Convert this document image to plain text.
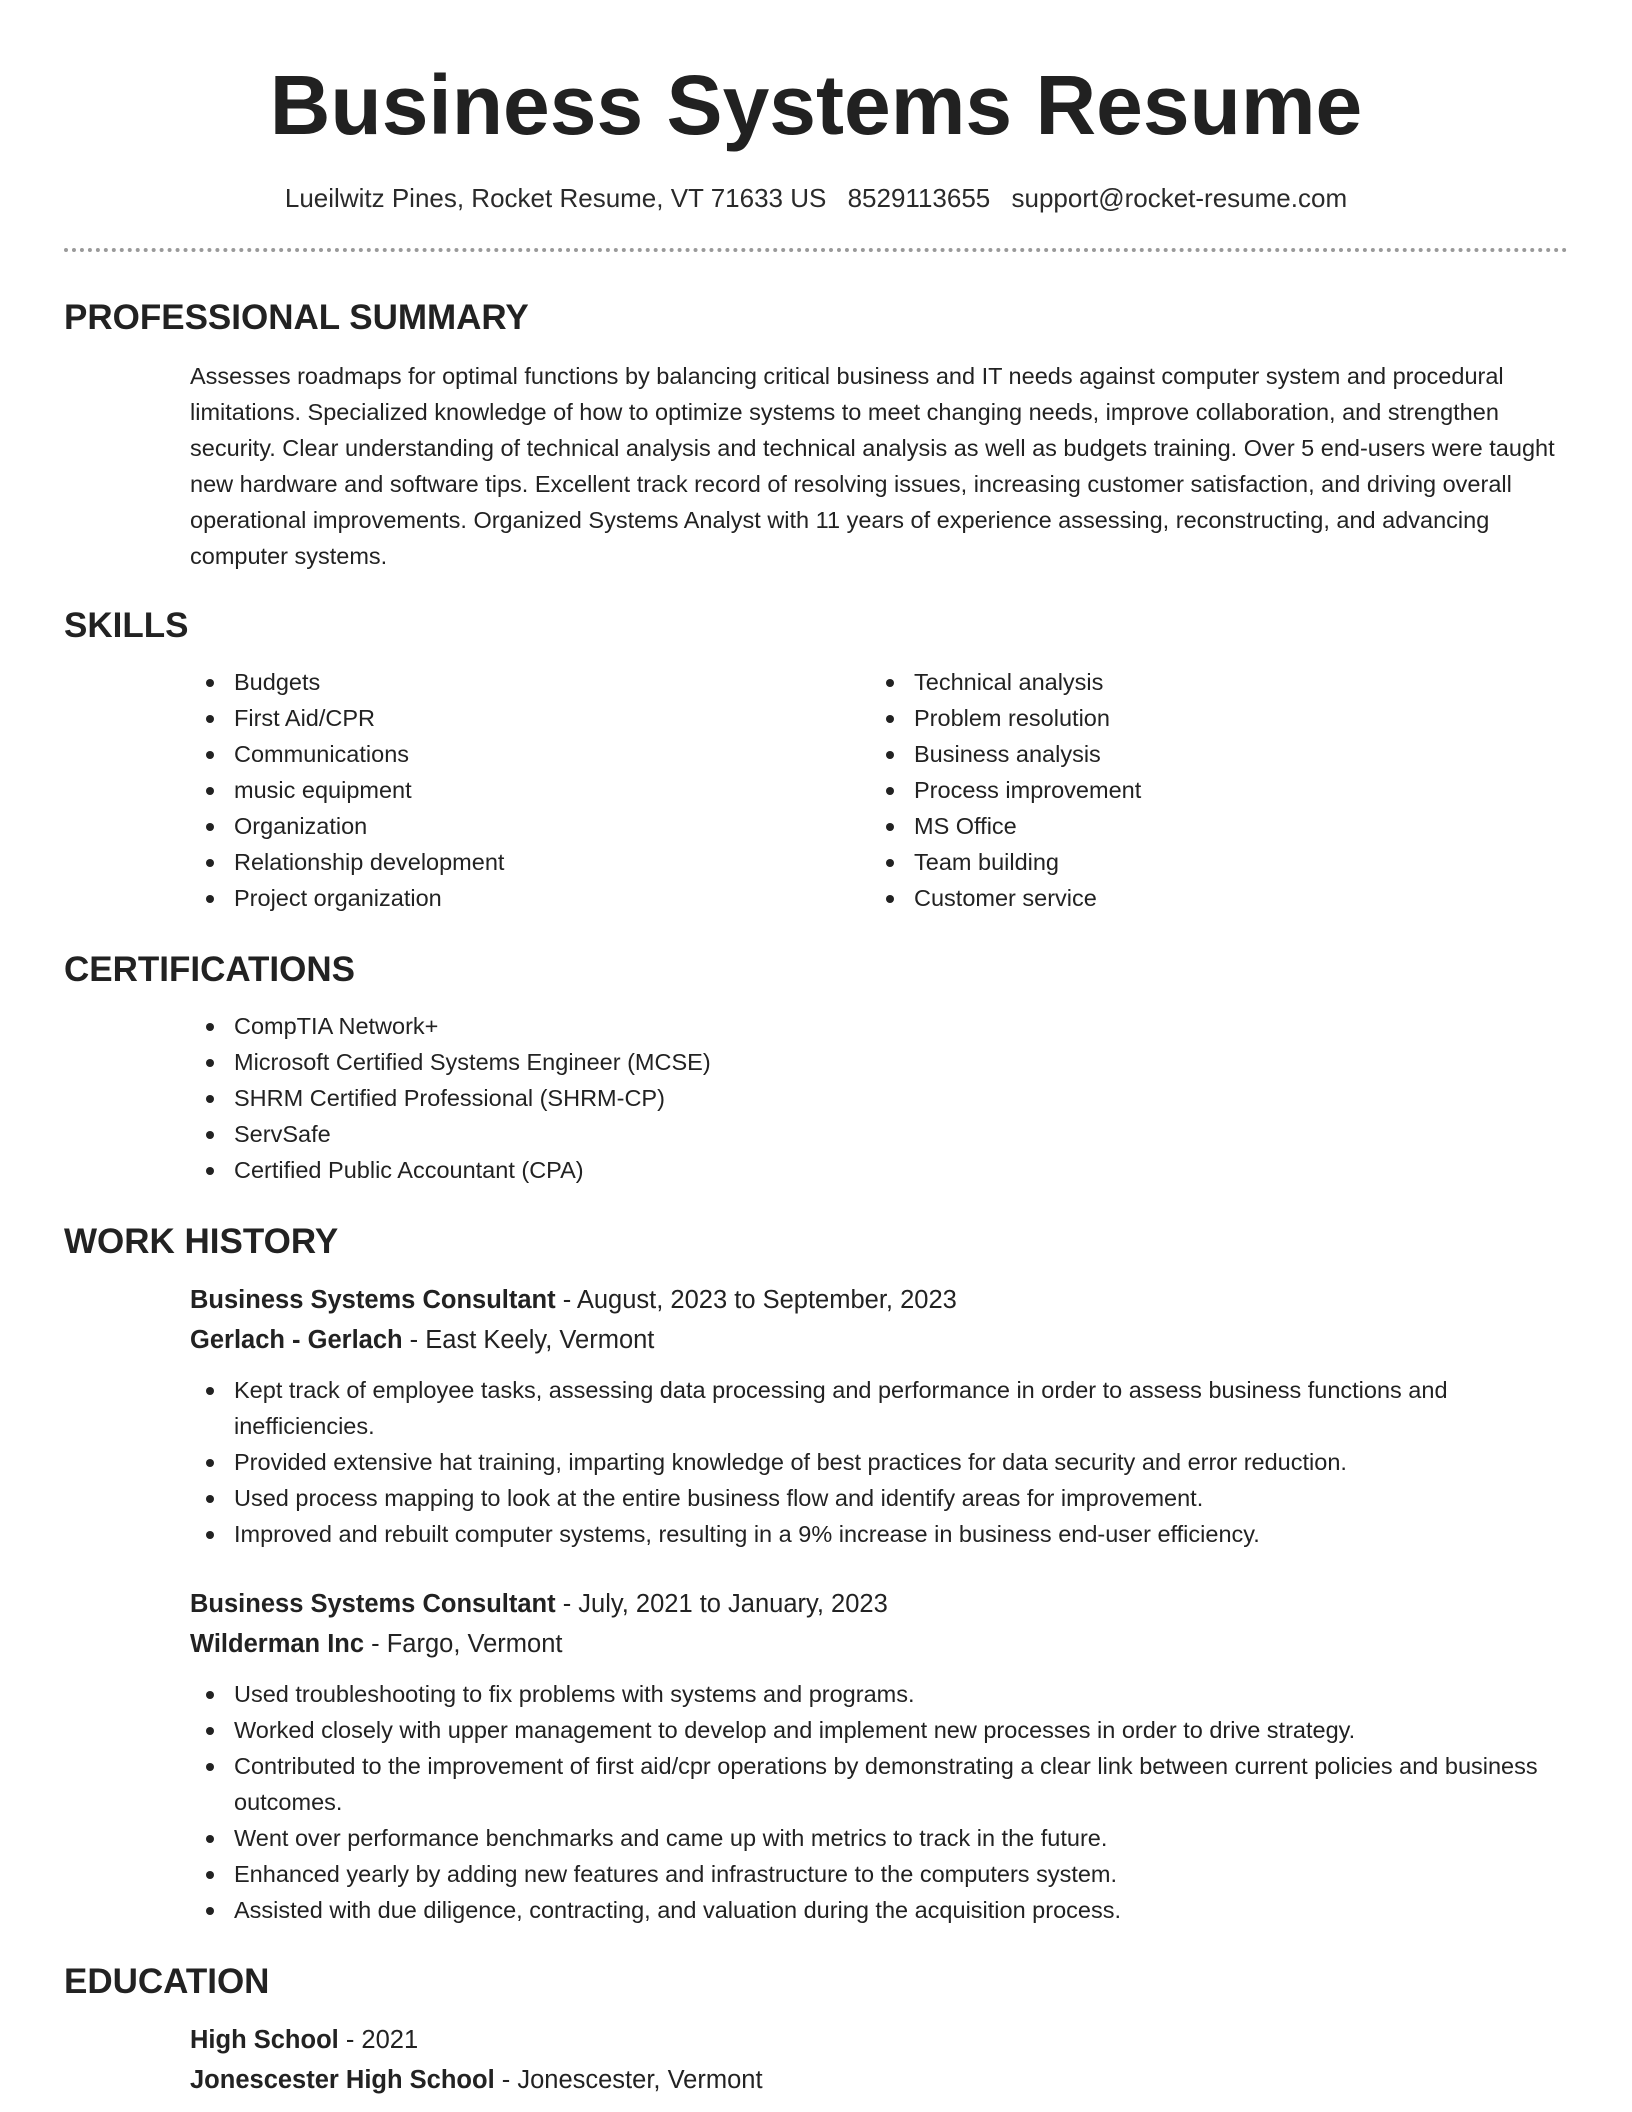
Business Systems Resume
Lueilwitz Pines, Rocket Resume, VT 71633 US 8529113655 support@rocket-resume.com
PROFESSIONAL SUMMARY

Assesses roadmaps for optimal functions by balancing critical business and IT needs against computer system and procedural limitations. Specialized knowledge of how to optimize systems to meet changing needs, improve collaboration, and strengthen security. Clear understanding of technical analysis and technical analysis as well as budgets training. Over 5 end-users were taught new hardware and software tips. Excellent track record of resolving issues, increasing customer satisfaction, and driving overall operational improvements. Organized Systems Analyst with 11 years of experience assessing, reconstructing, and advancing computer systems.

SKILLS
Budgets
First Aid/CPR
Communications
music equipment
Organization
Relationship development
Project organization
Technical analysis
Problem resolution
Business analysis
Process improvement
MS Office
Team building
Customer service
CERTIFICATIONS
CompTIA Network+
Microsoft Certified Systems Engineer (MCSE)
SHRM Certified Professional (SHRM-CP)
ServSafe
Certified Public Accountant (CPA)
WORK HISTORY
Business Systems Consultant - August, 2023 to September, 2023
Gerlach - Gerlach - East Keely, Vermont
Kept track of employee tasks, assessing data processing and performance in order to assess business functions and inefficiencies.
Provided extensive hat training, imparting knowledge of best practices for data security and error reduction.
Used process mapping to look at the entire business flow and identify areas for improvement.
Improved and rebuilt computer systems, resulting in a 9% increase in business end-user efficiency.
Business Systems Consultant - July, 2021 to January, 2023
Wilderman Inc - Fargo, Vermont
Used troubleshooting to fix problems with systems and programs.
Worked closely with upper management to develop and implement new processes in order to drive strategy.
Contributed to the improvement of first aid/cpr operations by demonstrating a clear link between current policies and business outcomes.
Went over performance benchmarks and came up with metrics to track in the future.
Enhanced yearly by adding new features and infrastructure to the computers system.
Assisted with due diligence, contracting, and valuation during the acquisition process.
EDUCATION
High School - 2021
Jonescester High School - Jonescester, Vermont
